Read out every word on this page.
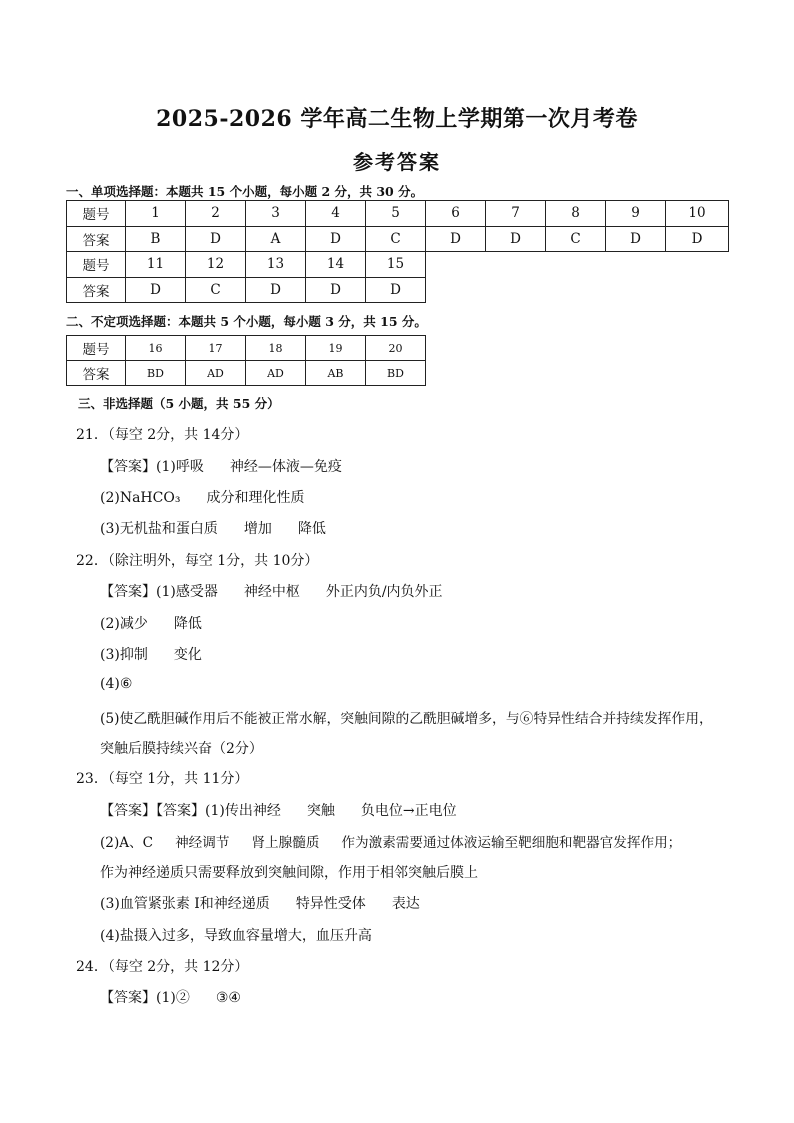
2025-2026 学年高二生物上学期第一次月考卷
参考答案
一、单项选择题：本题共 15 个小题，每小题 2 分，共 30 分。
题号	1	2	3	4	5	6	7	8	9	10
答案	B	D	A	D	C	D	D	C	D	D
题号	11	12	13	14	15
答案	D	C	D	D	D
二、不定项选择题：本题共 5 个小题，每小题 3 分，共 15 分。
题号	16	17	18	19	20
答案	BD	AD	AD	AB	BD
三、非选择题（5 小题，共 55 分）
21．（每空 2分，共 14分）
【答案】(1)呼吸 神经—体液—免疫
(2)NaHCO₃ 成分和理化性质
(3)无机盐和蛋白质 增加 降低
22．（除注明外，每空 1分，共 10分）
【答案】(1)感受器 神经中枢 外正内负/内负外正
(2)减少 降低
(3)抑制 变化
(4)⑥
(5)使乙酰胆碱作用后不能被正常水解，突触间隙的乙酰胆碱增多，与⑥特异性结合并持续发挥作用，
突触后膜持续兴奋（2分）
23．（每空 1分，共 11分）
【答案】【答案】(1)传出神经 突触 负电位→正电位
(2)A、C 神经调节 肾上腺髓质 作为激素需要通过体液运输至靶细胞和靶器官发挥作用；
作为神经递质只需要释放到突触间隙，作用于相邻突触后膜上
(3)血管紧张素 I和神经递质 特异性受体 表达
(4)盐摄入过多，导致血容量增大，血压升高
24．（每空 2分，共 12分）
【答案】(1)② ③④
